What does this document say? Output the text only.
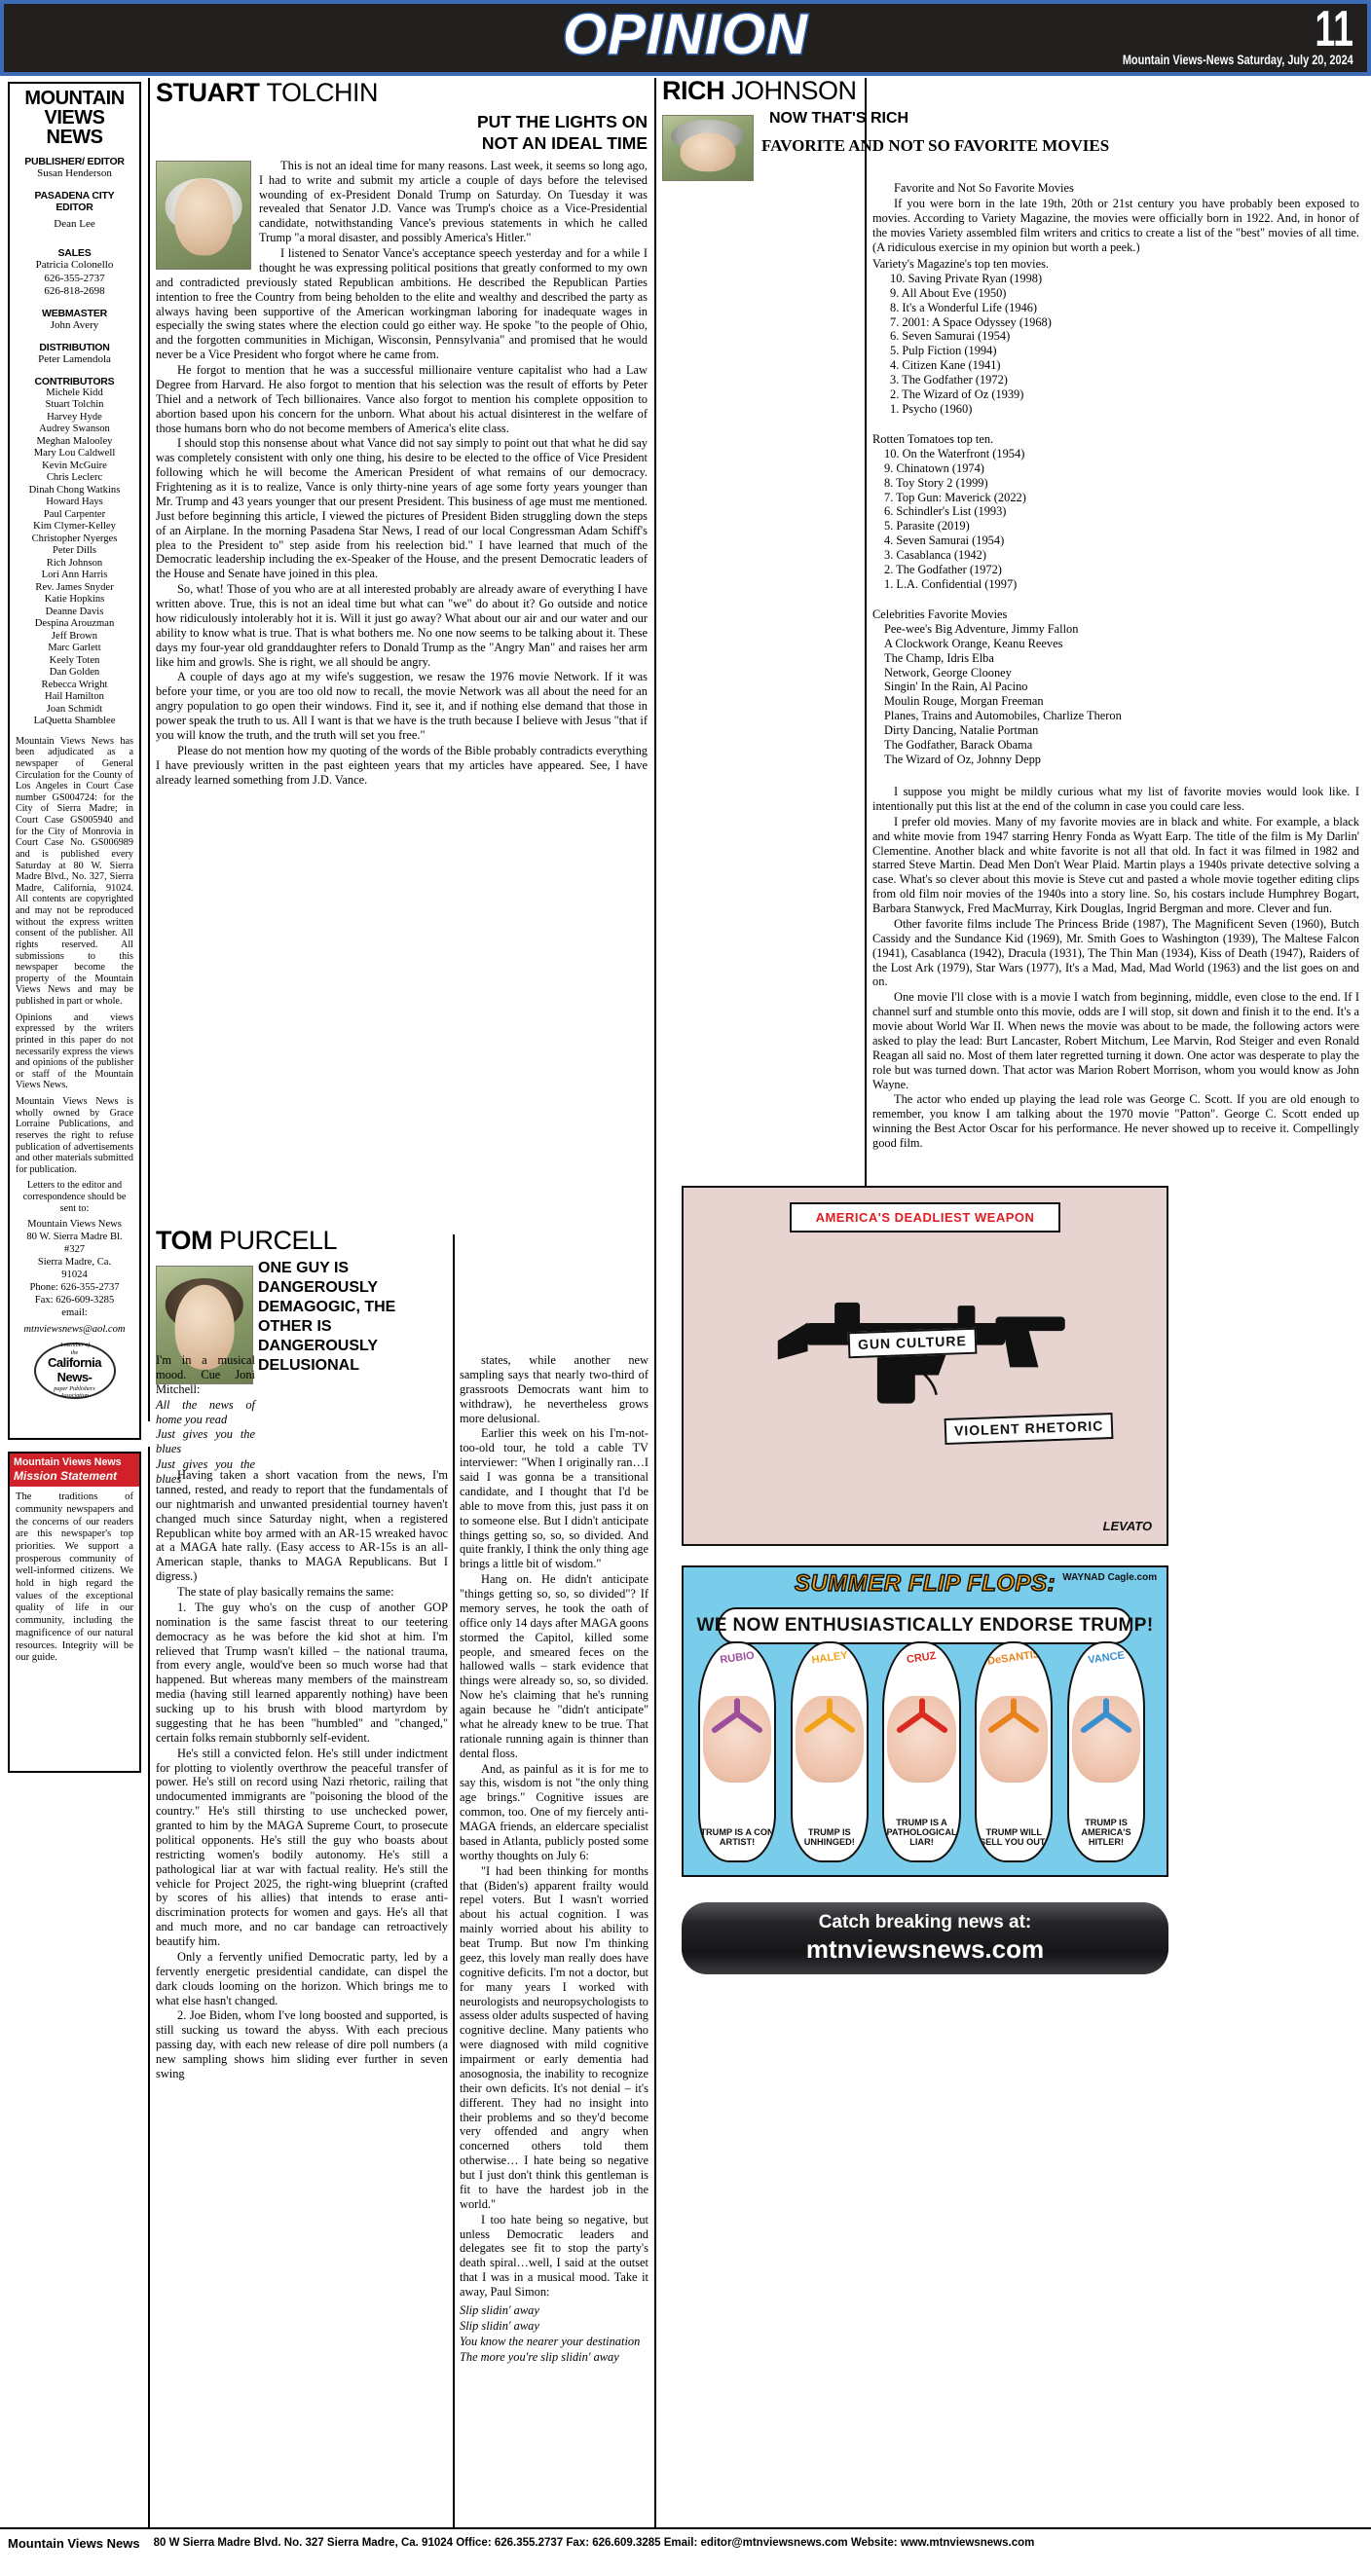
OPINION	11
Mountain Views-News Saturday, July 20, 2024
MOUNTAIN VIEWS NEWS
PUBLISHER/ EDITOR
Susan Henderson
PASADENA CITY EDITOR
Dean Lee
SALES
Patricia Colonello
626-355-2737
626-818-2698
WEBMASTER
John Avery
DISTRIBUTION
Peter Lamendola
CONTRIBUTORS
Michele Kidd
Stuart Tolchin
Harvey Hyde
Audrey Swanson
Meghan Malooley
Mary Lou Caldwell
Kevin McGuire
Chris Leclerc
Dinah Chong Watkins
Howard Hays
Paul Carpenter
Kim Clymer-Kelley
Christopher Nyerges
Peter Dills
Rich Johnson
Lori Ann Harris
Rev. James Snyder
Katie Hopkins
Deanne Davis
Despina Arouzman
Jeff Brown
Marc Garlett
Keely Toten
Dan Golden
Rebecca Wright
Hail Hamilton
Joan Schmidt
LaQuetta Shamblee

Mountain Views News has been adjudicated as a newspaper of General Circulation for the County of Los Angeles in Court Case number GS004724: for the City of Sierra Madre; in Court Case GS005940 and for the City of Monrovia in Court Case No. GS006989 and is published every Saturday at 80 W. Sierra Madre Blvd., No. 327, Sierra Madre, California, 91024. All contents are copyrighted and may not be reproduced without the express written consent of the publisher. All rights reserved. All submissions to this newspaper become the property of the Mountain Views News and may be published in part or whole.

Opinions and views expressed by the writers printed in this paper do not necessarily express the views and opinions of the publisher or staff of the Mountain Views News.

Mountain Views News is wholly owned by Grace Lorraine Publications, and reserves the right to refuse publication of advertisements and other materials submitted for publication.

Letters to the editor and correspondence should be sent to:

Mountain Views News
80 W. Sierra Madre Bl.
#327
Sierra Madre, Ca.
91024
Phone: 626-355-2737
Fax: 626-609-3285
email:
mtnviewsnews@aol.com
A member of
the
California News-
paper Publishers
Association
Mountain Views News
Mission Statement
The traditions of community newspapers and the concerns of our readers are this newspaper's top priorities. We support a prosperous community of well-informed citizens. We hold in high regard the values of the exceptional quality of life in our community, including the magnificence of our natural resources. Integrity will be our guide.
STUART TOLCHIN
PUT THE LIGHTS ON
NOT AN IDEAL TIME

This is not an ideal time for many reasons. Last week, it seems so long ago, I had to write and submit my article a couple of days before the televised wounding of ex-President Donald Trump on Saturday. On Tuesday it was revealed that Senator J.D. Vance was Trump's choice as a Vice-Presidential candidate, notwithstanding Vance's previous statements in which he called Trump "a moral disaster, and possibly America's Hitler."

I listened to Senator Vance's acceptance speech yesterday and for a while I thought he was expressing political positions that greatly conformed to my own and contradicted previously stated Republican ambitions. He described the Republican Parties intention to free the Country from being beholden to the elite and wealthy and described the party as always having been supportive of the American workingman laboring for inadequate wages in especially the swing states where the election could go either way. He spoke "to the people of Ohio, and the forgotten communities in Michigan, Wisconsin, Pennsylvania" and promised that he would never be a Vice President who forgot where he came from.

He forgot to mention that he was a successful millionaire venture capitalist who had a Law Degree from Harvard. He also forgot to mention that his selection was the result of efforts by Peter Thiel and a network of Tech billionaires. Vance also forgot to mention his complete opposition to abortion based upon his concern for the unborn. What about his actual disinterest in the welfare of those humans born who do not become members of America's elite class.

I should stop this nonsense about what Vance did not say simply to point out that what he did say was completely consistent with only one thing, his desire to be elected to the office of Vice President following which he will become the American President of what remains of our democracy. Frightening as it is to realize, Vance is only thirty-nine years of age some forty years younger than Mr. Trump and 43 years younger that our present President. This business of age must me mentioned. Just before beginning this article, I viewed the pictures of President Biden struggling down the steps of an Airplane. In the morning Pasadena Star News, I read of our local Congressman Adam Schiff's plea to the President to" step aside from his reelection bid." I have learned that much of the Democratic leadership including the ex-Speaker of the House, and the present Democratic leaders of the House and Senate have joined in this plea.

So, what! Those of you who are at all interested probably are already aware of everything I have written above. True, this is not an ideal time but what can "we" do about it? Go outside and notice how ridiculously intolerably hot it is. Will it just go away? What about our air and our water and our ability to know what is true. That is what bothers me. No one now seems to be talking about it. These days my four-year old granddaughter refers to Donald Trump as the "Angry Man" and raises her arm like him and growls. She is right, we all should be angry.

A couple of days ago at my wife's suggestion, we resaw the 1976 movie Network. If it was before your time, or you are too old now to recall, the movie Network was all about the need for an angry population to go open their windows. Find it, see it, and if nothing else demand that those in power speak the truth to us. All I want is that we have is the truth because I believe with Jesus "that if you will know the truth, and the truth will set you free."

Please do not mention how my quoting of the words of the Bible probably contradicts everything I have previously written in the past eighteen years that my articles have appeared. See, I have already learned something from J.D. Vance.

TOM PURCELL
ONE GUY IS DANGEROUSLY
DEMAGOGIC, THE OTHER IS
DANGEROUSLY DELUSIONAL

I'm in a musical mood. Cue Joni Mitchell:

All the news of home you read

Just gives you the blues

Just gives you the blues

Having taken a short vacation from the news, I'm tanned, rested, and ready to report that the fundamentals of our nightmarish and unwanted presidential tourney haven't changed much since Saturday night, when a registered Republican white boy armed with an AR-15 wreaked havoc at a MAGA hate rally. (Easy access to AR-15s is an all-American staple, thanks to MAGA Republicans. But I digress.)

The state of play basically remains the same:

1. The guy who's on the cusp of another GOP nomination is the same fascist threat to our teetering democracy as he was before the kid shot at him. I'm relieved that Trump wasn't killed – the national trauma, from every angle, would've been so much worse had that happened. But whereas many members of the mainstream media (having still learned apparently nothing) have been sucking up to his brush with blood martyrdom by suggesting that he has been "humbled" and "changed," certain folks remain stubbornly self-evident.

He's still a convicted felon. He's still under indictment for plotting to violently overthrow the peaceful transfer of power. He's still on record using Nazi rhetoric, railing that undocumented immigrants are "poisoning the blood of the country." He's still thirsting to use unchecked power, granted to him by the MAGA Supreme Court, to prosecute political opponents. He's still the guy who boasts about restricting women's bodily autonomy. He's still a pathological liar at war with factual reality. He's still the vehicle for Project 2025, the right-wing blueprint (crafted by scores of his allies) that intends to erase anti-discrimination protects for women and gays. He's all that and much more, and no car bandage can retroactively beautify him.

Only a fervently unified Democratic party, led by a fervently energetic presidential candidate, can dispel the dark clouds looming on the horizon. Which brings me to what else hasn't changed.

2. Joe Biden, whom I've long boosted and supported, is still sucking us toward the abyss. With each precious passing day, with each new release of dire poll numbers (a new sampling shows him sliding ever further in seven swing

states, while another new sampling says that nearly two-third of grassroots Democrats want him to withdraw), he nevertheless grows more delusional.

Earlier this week on his I'm-not-too-old tour, he told a cable TV interviewer: "When I originally ran…I said I was gonna be a transitional candidate, and I thought that I'd be able to move from this, just pass it on to someone else. But I didn't anticipate things getting so, so, so divided. And quite frankly, I think the only thing age brings a little bit of wisdom."

Hang on. He didn't anticipate "things getting so, so, so divided"? If memory serves, he took the oath of office only 14 days after MAGA goons stormed the Capitol, killed some people, and smeared feces on the hallowed walls – stark evidence that things were already so, so, so divided. Now he's claiming that he's running again because he "didn't anticipate" what he already knew to be true. That rationale running again is thinner than dental floss.

And, as painful as it is for me to say this, wisdom is not "the only thing age brings." Cognitive issues are common, too. One of my fiercely anti-MAGA friends, an eldercare specialist based in Atlanta, publicly posted some worthy thoughts on July 6:

"I had been thinking for months that (Biden's) apparent frailty would repel voters. But I wasn't worried about his actual cognition. I was mainly worried about his ability to beat Trump. But now I'm thinking geez, this lovely man really does have cognitive deficits. I'm not a doctor, but for many years I worked with neurologists and neuropsychologists to assess older adults suspected of having cognitive decline. Many patients who were diagnosed with mild cognitive impairment or early dementia had anosognosia, the inability to recognize their own deficits. It's not denial – it's different. They had no insight into their problems and so they'd become very offended and angry when concerned others told them otherwise… I hate being so negative but I just don't think this gentleman is fit to have the hardest job in the world."

I too hate being so negative, but unless Democratic leaders and delegates see fit to stop the party's death spiral…well, I said at the outset that I was in a musical mood. Take it away, Paul Simon:

Slip slidin' away

Slip slidin' away

You know the nearer your destination

The more you're slip slidin' away

RICH JOHNSON
NOW THAT'S RICH
FAVORITE AND NOT SO FAVORITE MOVIES

Favorite and Not So Favorite Movies

If you were born in the late 19th, 20th or 21st century you have probably been exposed to movies. According to Variety Magazine, the movies were officially born in 1922. And, in honor of the movies Variety assembled film writers and critics to create a list of the "best" movies of all time. (A ridiculous exercise in my opinion but worth a peek.)

Variety's Magazine's top ten movies.
10. Saving Private Ryan (1998)
9. All About Eve (1950)
8. It's a Wonderful Life (1946)
7. 2001: A Space Odyssey (1968)
6. Seven Samurai (1954)
5. Pulp Fiction (1994)
4. Citizen Kane (1941)
3. The Godfather (1972)
2. The Wizard of Oz (1939)
1. Psycho (1960)
Rotten Tomatoes top ten.
10. On the Waterfront (1954)
9. Chinatown (1974)
8. Toy Story 2 (1999)
7. Top Gun: Maverick (2022)
6. Schindler's List (1993)
5. Parasite (2019)
4. Seven Samurai (1954)
3. Casablanca (1942)
2. The Godfather (1972)
1. L.A. Confidential (1997)
Celebrities Favorite Movies
Pee-wee's Big Adventure, Jimmy Fallon
A Clockwork Orange, Keanu Reeves
The Champ, Idris Elba
Network, George Clooney
Singin' In the Rain, Al Pacino
Moulin Rouge, Morgan Freeman
Planes, Trains and Automobiles, Charlize Theron
Dirty Dancing, Natalie Portman
The Godfather, Barack Obama
The Wizard of Oz, Johnny Depp

I suppose you might be mildly curious what my list of favorite movies would look like. I intentionally put this list at the end of the column in case you could care less.

I prefer old movies. Many of my favorite movies are in black and white. For example, a black and white movie from 1947 starring Henry Fonda as Wyatt Earp. The title of the film is My Darlin' Clementine. Another black and white favorite is not all that old. In fact it was filmed in 1982 and starred Steve Martin. Dead Men Don't Wear Plaid. Martin plays a 1940s private detective solving a case. What's so clever about this movie is Steve cut and pasted a whole movie together editing clips from old film noir movies of the 1940s into a story line. So, his costars include Humphrey Bogart, Barbara Stanwyck, Fred MacMurray, Kirk Douglas, Ingrid Bergman and more. Clever and fun.

Other favorite films include The Princess Bride (1987), The Magnificent Seven (1960), Butch Cassidy and the Sundance Kid (1969), Mr. Smith Goes to Washington (1939), The Maltese Falcon (1941), Casablanca (1942), Dracula (1931), The Thin Man (1934), Kiss of Death (1947), Raiders of the Lost Ark (1979), Star Wars (1977), It's a Mad, Mad, Mad World (1963) and the list goes on and on.

One movie I'll close with is a movie I watch from beginning, middle, even close to the end. If I channel surf and stumble onto this movie, odds are I will stop, sit down and finish it to the end. It's a movie about World War II. When news the movie was about to be made, the following actors were asked to play the lead: Burt Lancaster, Robert Mitchum, Lee Marvin, Rod Steiger and even Ronald Reagan all said no. Most of them later regretted turning it down. One actor was desperate to play the role but was turned down. That actor was Marion Robert Morrison, whom you would know as John Wayne.

The actor who ended up playing the lead role was George C. Scott. If you are old enough to remember, you know I am talking about the 1970 movie "Patton". George C. Scott ended up winning the Best Actor Oscar for his performance. He never showed up to receive it. Compellingly good film.

AMERICA'S DEADLIEST WEAPON
GUN CULTURE
VIOLENT RHETORIC
LEVATO
SUMMER FLIP FLOPS:
WE NOW ENTHUSIASTICALLY ENDORSE TRUMP!
WAYNAD Cagle.com
RUBIO
TRUMP IS A CON ARTIST!
HALEY
TRUMP IS UNHINGED!
CRUZ
TRUMP IS A PATHOLOGICAL LIAR!
DeSANTIS
TRUMP WILL SELL YOU OUT!
VANCE
TRUMP IS AMERICA'S HITLER!
Catch breaking news at:
mtnviewsnews.com
Mountain Views News 80 W Sierra Madre Blvd. No. 327 Sierra Madre, Ca. 91024 Office: 626.355.2737 Fax: 626.609.3285 Email: editor@mtnviewsnews.com Website: www.mtnviewsnews.com
